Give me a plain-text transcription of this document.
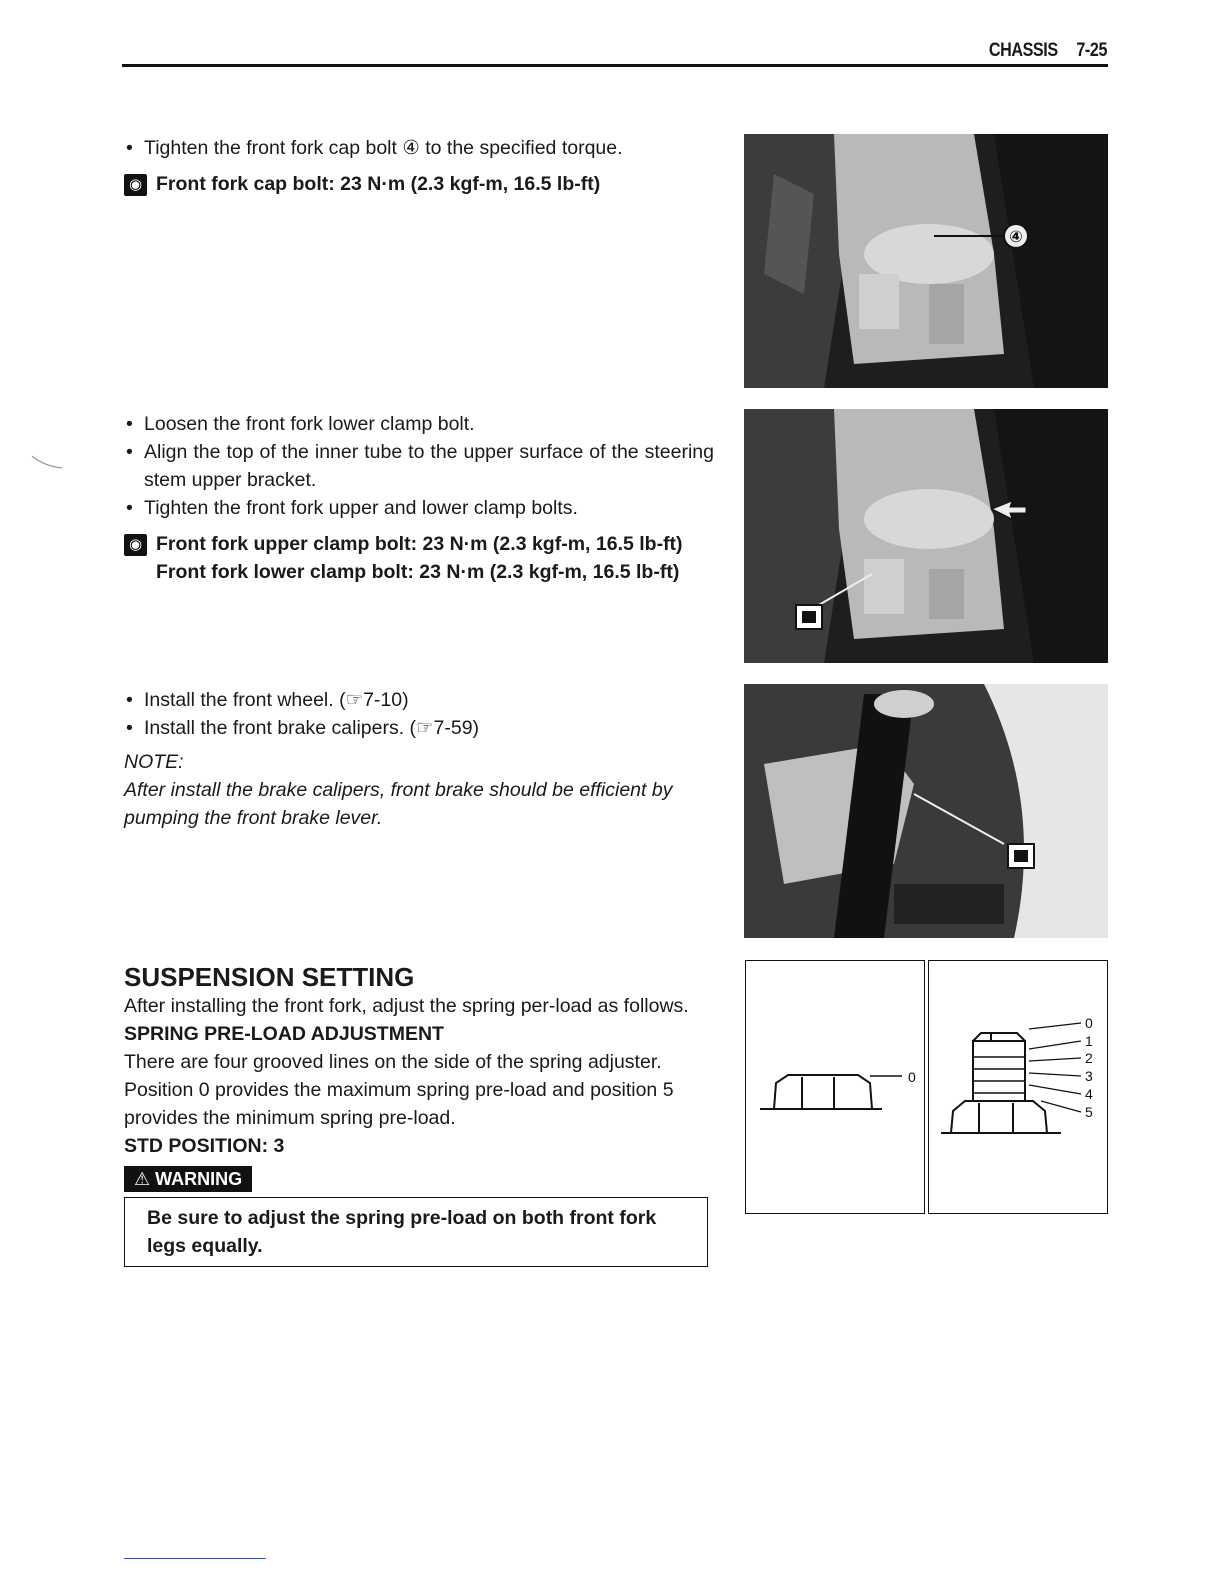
CHASSIS 7-25
• Tighten the front fork cap bolt ④ to the specified torque.
◉ Front fork cap bolt: 23 N·m (2.3 kgf-m, 16.5 lb-ft)
• Loosen the front fork lower clamp bolt.
• Align the top of the inner tube to the upper surface of the steering stem upper bracket.
• Tighten the front fork upper and lower clamp bolts.
◉ Front fork upper clamp bolt: 23 N·m (2.3 kgf-m, 16.5 lb-ft)
Front fork lower clamp bolt: 23 N·m (2.3 kgf-m, 16.5 lb-ft)
• Install the front wheel. (☞7-10)
• Install the front brake calipers. (☞7-59)
NOTE:
After install the brake calipers, front brake should be efficient by pumping the front brake lever.
SUSPENSION SETTING
After installing the front fork, adjust the spring per-load as follows.
SPRING PRE-LOAD ADJUSTMENT
There are four grooved lines on the side of the spring adjuster. Position 0 provides the maximum spring pre-load and position 5 provides the minimum spring pre-load.
STD POSITION: 3
⚠ WARNING
Be sure to adjust the spring pre-load on both front fork legs equally.
④
0
0
1
2
3
4
5
